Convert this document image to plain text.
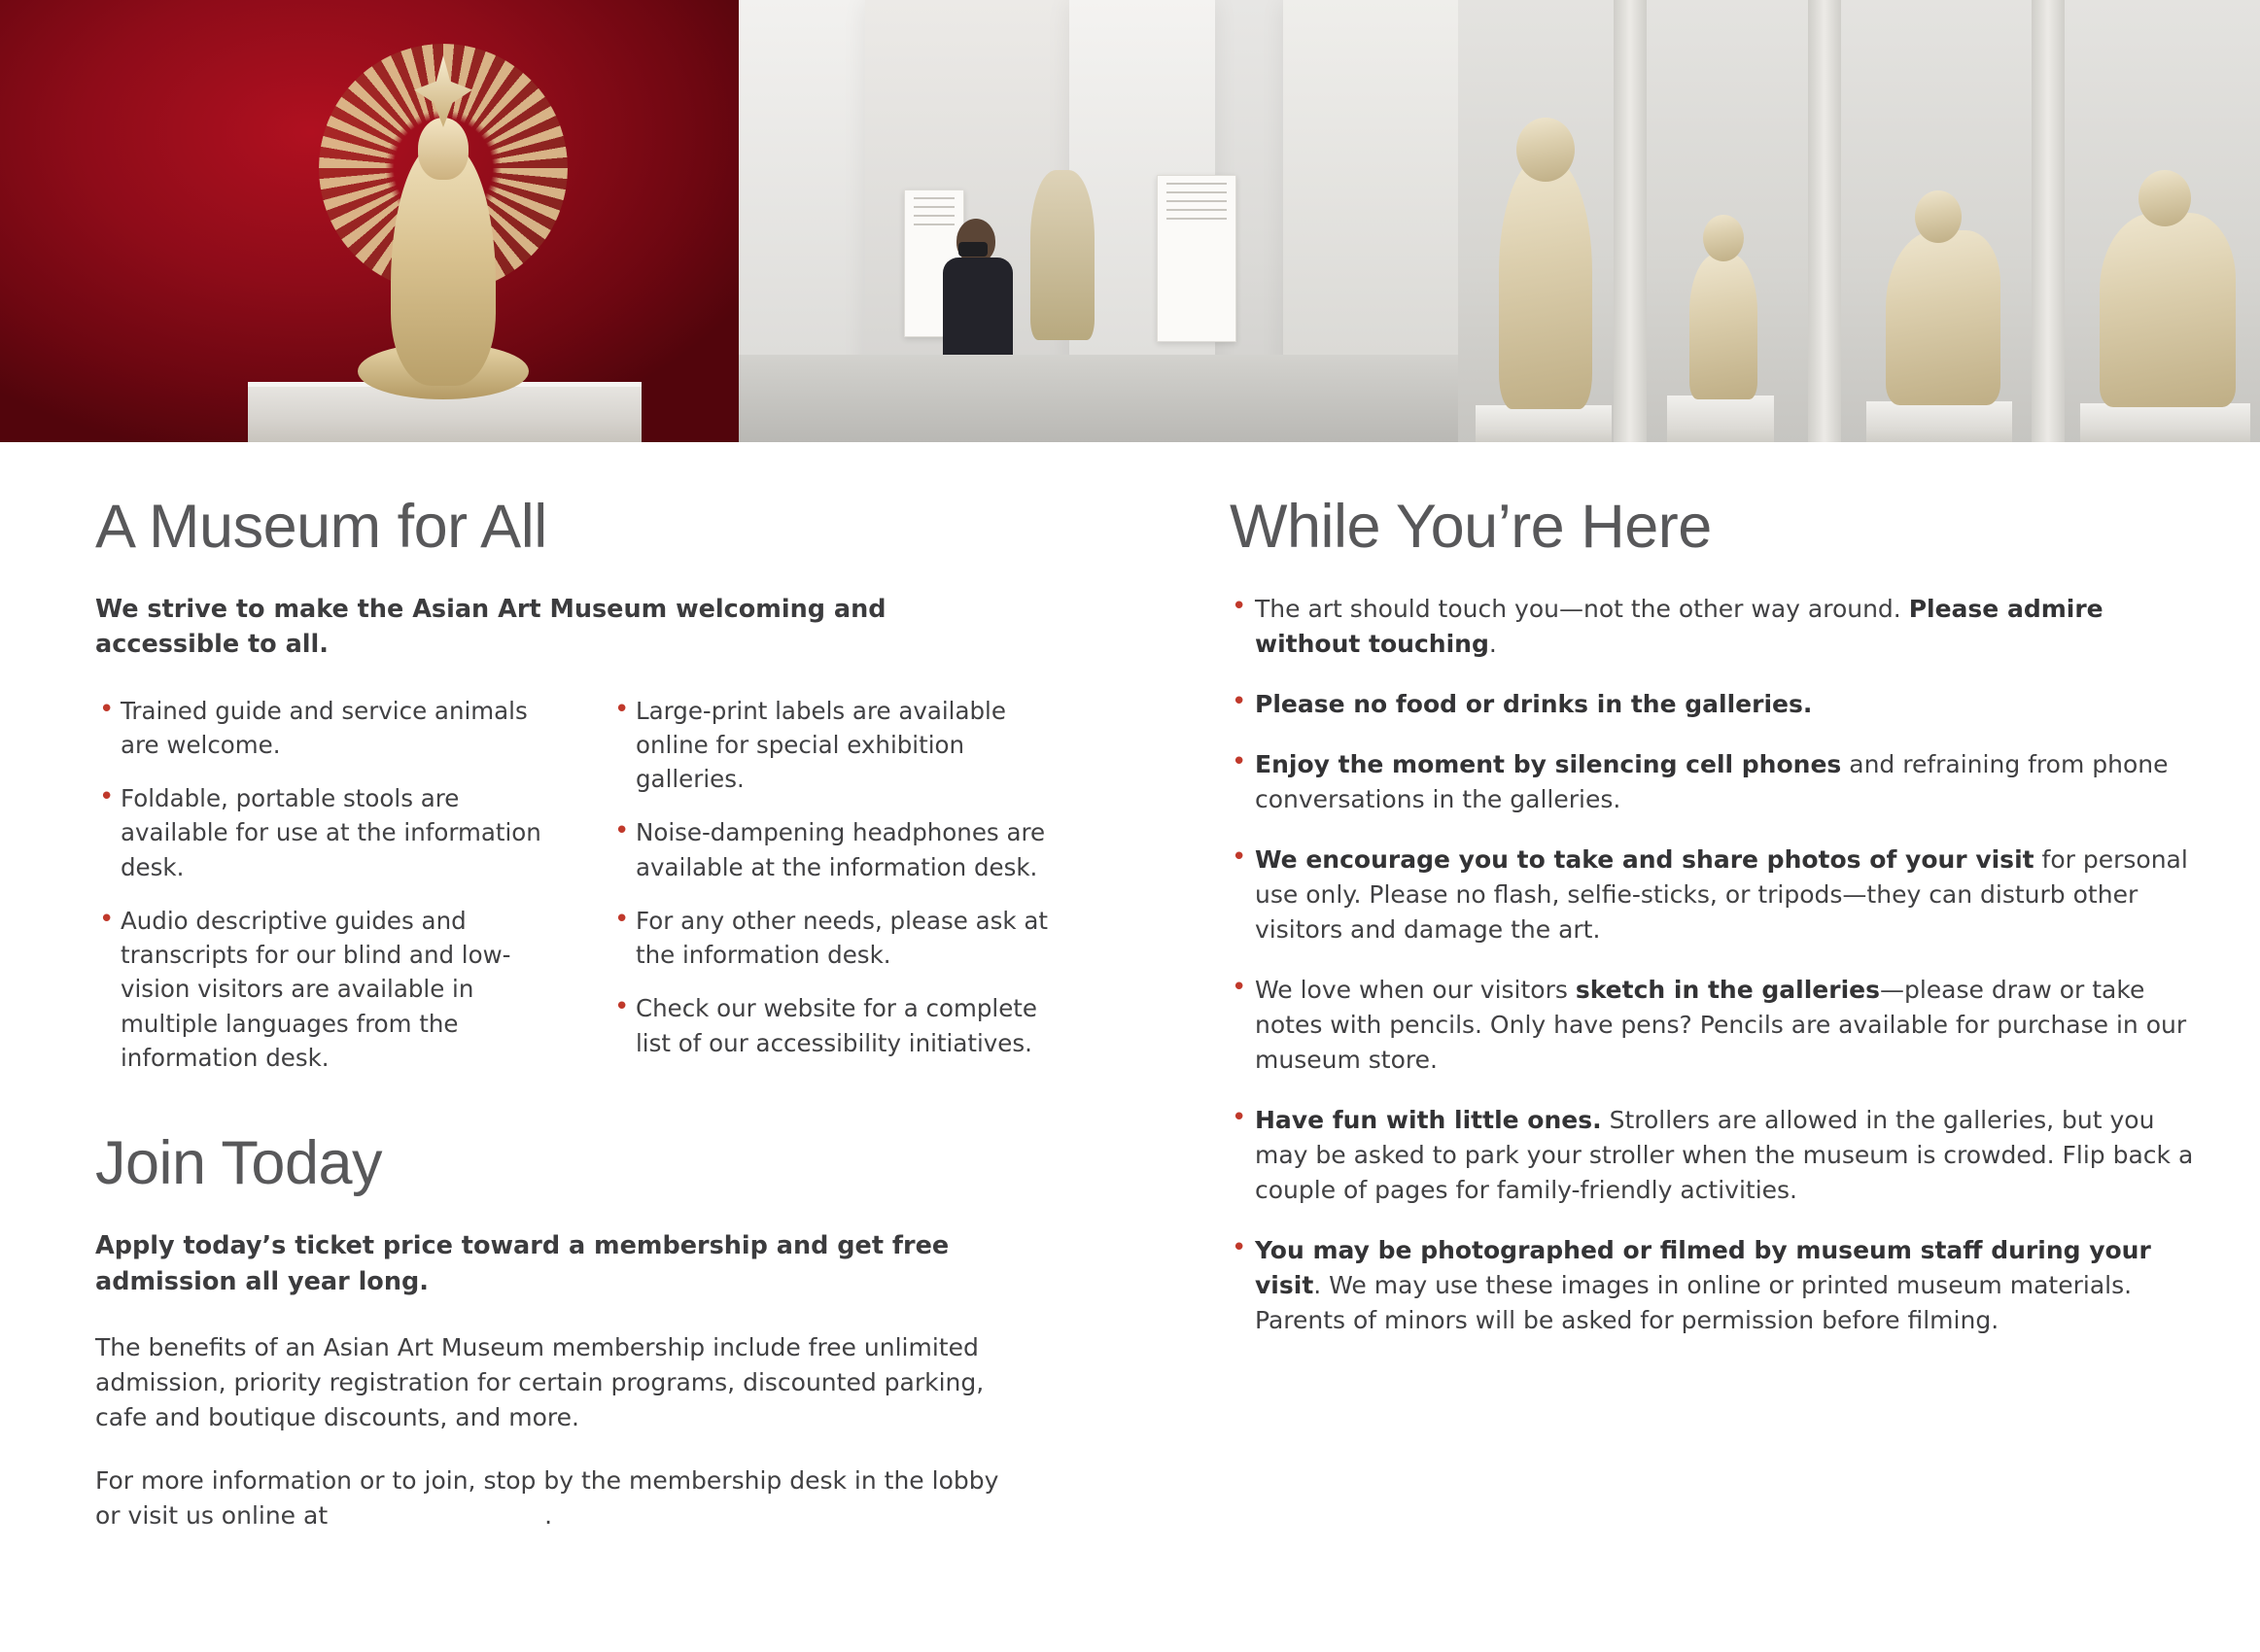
A Museum for All

We strive to make the Asian Art Museum welcoming and accessible to all.

• Trained guide and service animals are welcome.
• Foldable, portable stools are available for use at the information desk.
• Audio descriptive guides and transcripts for our blind and low-vision visitors are available in multiple languages from the information desk.
• Large-print labels are available online for special exhibition galleries.
• Noise-dampening headphones are available at the information desk.
• For any other needs, please ask at the information desk.
• Check our website for a complete list of our accessibility initiatives.
Join Today

Apply today’s ticket price toward a membership and get free admission all year long.

The benefits of an Asian Art Museum membership include free unlimited admission, priority registration for certain programs, discounted parking, cafe and boutique discounts, and more.

For more information or to join, stop by the membership desk in the lobby or visit us online at	.

While You’re Here
• The art should touch you—not the other way around. Please admire without touching.
• Please no food or drinks in the galleries.
• Enjoy the moment by silencing cell phones and refraining from phone conversations in the galleries.
• We encourage you to take and share photos of your visit for personal use only. Please no flash, selfie-sticks, or tripods—they can disturb other visitors and damage the art.
• We love when our visitors sketch in the galleries—please draw or take notes with pencils. Only have pens? Pencils are available for purchase in our museum store.
• Have fun with little ones. Strollers are allowed in the galleries, but you may be asked to park your stroller when the museum is crowded. Flip back a couple of pages for family-friendly activities.
• You may be photographed or filmed by museum staff during your visit. We may use these images in online or printed museum materials. Parents of minors will be asked for permission before filming.
